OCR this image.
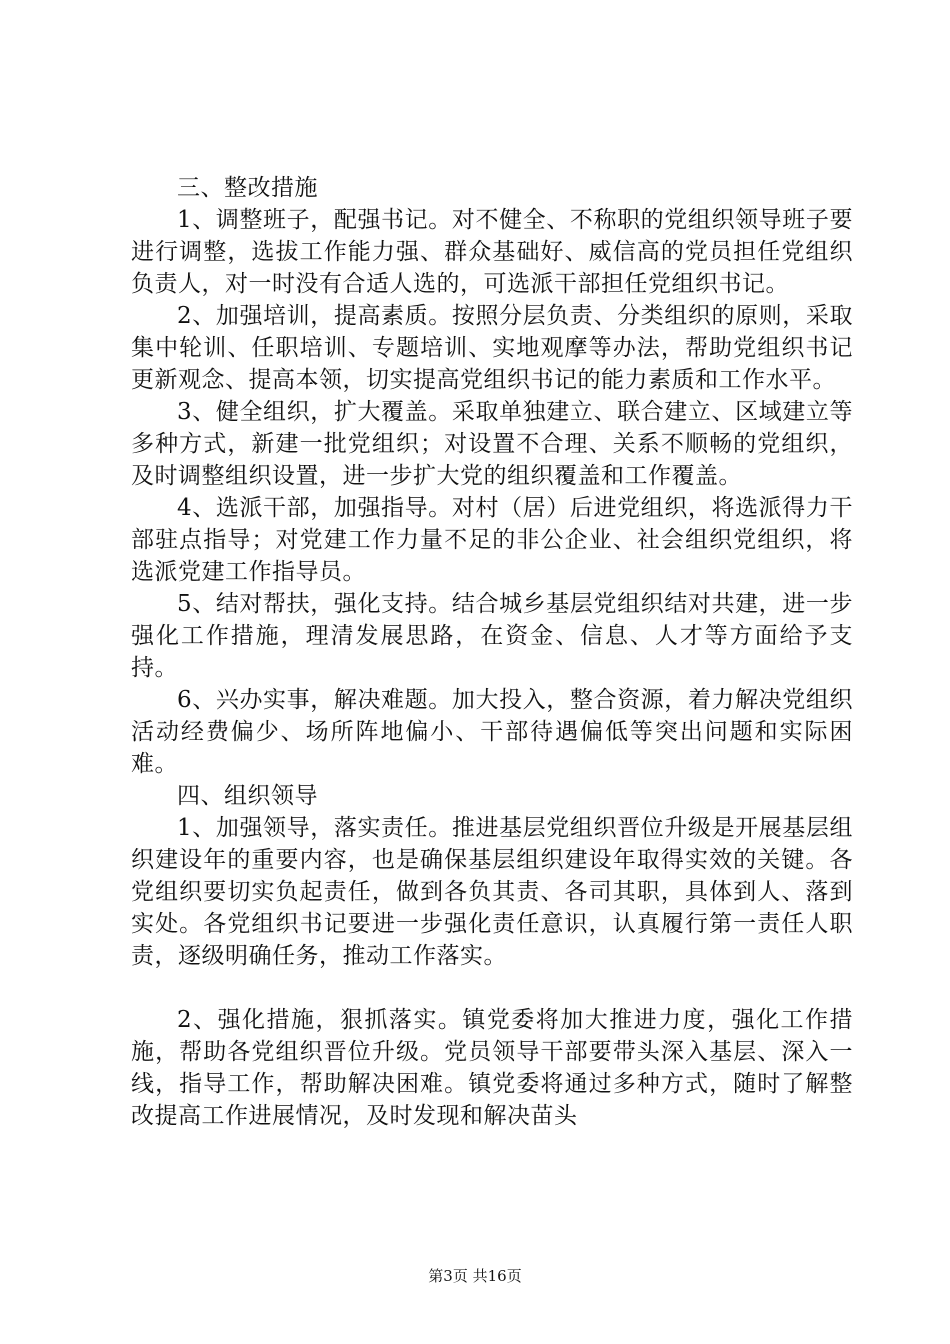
三、整改措施

1、调整班子，配强书记。对不健全、不称职的党组织领导班子要进行调整，选拔工作能力强、群众基础好、威信高的党员担任党组织负责人，对一时没有合适人选的，可选派干部担任党组织书记。

2、加强培训，提高素质。按照分层负责、分类组织的原则，采取集中轮训、任职培训、专题培训、实地观摩等办法，帮助党组织书记更新观念、提高本领，切实提高党组织书记的能力素质和工作水平。

3、健全组织，扩大覆盖。采取单独建立、联合建立、区域建立等多种方式，新建一批党组织；对设置不合理、关系不顺畅的党组织，及时调整组织设置，进一步扩大党的组织覆盖和工作覆盖。

4、选派干部，加强指导。对村（居）后进党组织，将选派得力干部驻点指导；对党建工作力量不足的非公企业、社会组织党组织，将选派党建工作指导员。

5、结对帮扶，强化支持。结合城乡基层党组织结对共建，进一步强化工作措施，理清发展思路，在资金、信息、人才等方面给予支持。

6、兴办实事，解决难题。加大投入，整合资源，着力解决党组织活动经费偏少、场所阵地偏小、干部待遇偏低等突出问题和实际困难。

四、组织领导

1、加强领导，落实责任。推进基层党组织晋位升级是开展基层组织建设年的重要内容，也是确保基层组织建设年取得实效的关键。各党组织要切实负起责任，做到各负其责、各司其职，具体到人、落到实处。各党组织书记要进一步强化责任意识，认真履行第一责任人职责，逐级明确任务，推动工作落实。

2、强化措施，狠抓落实。镇党委将加大推进力度，强化工作措施，帮助各党组织晋位升级。党员领导干部要带头深入基层、深入一线，指导工作，帮助解决困难。镇党委将通过多种方式，随时了解整改提高工作进展情况，及时发现和解决苗头

第3页 共16页
